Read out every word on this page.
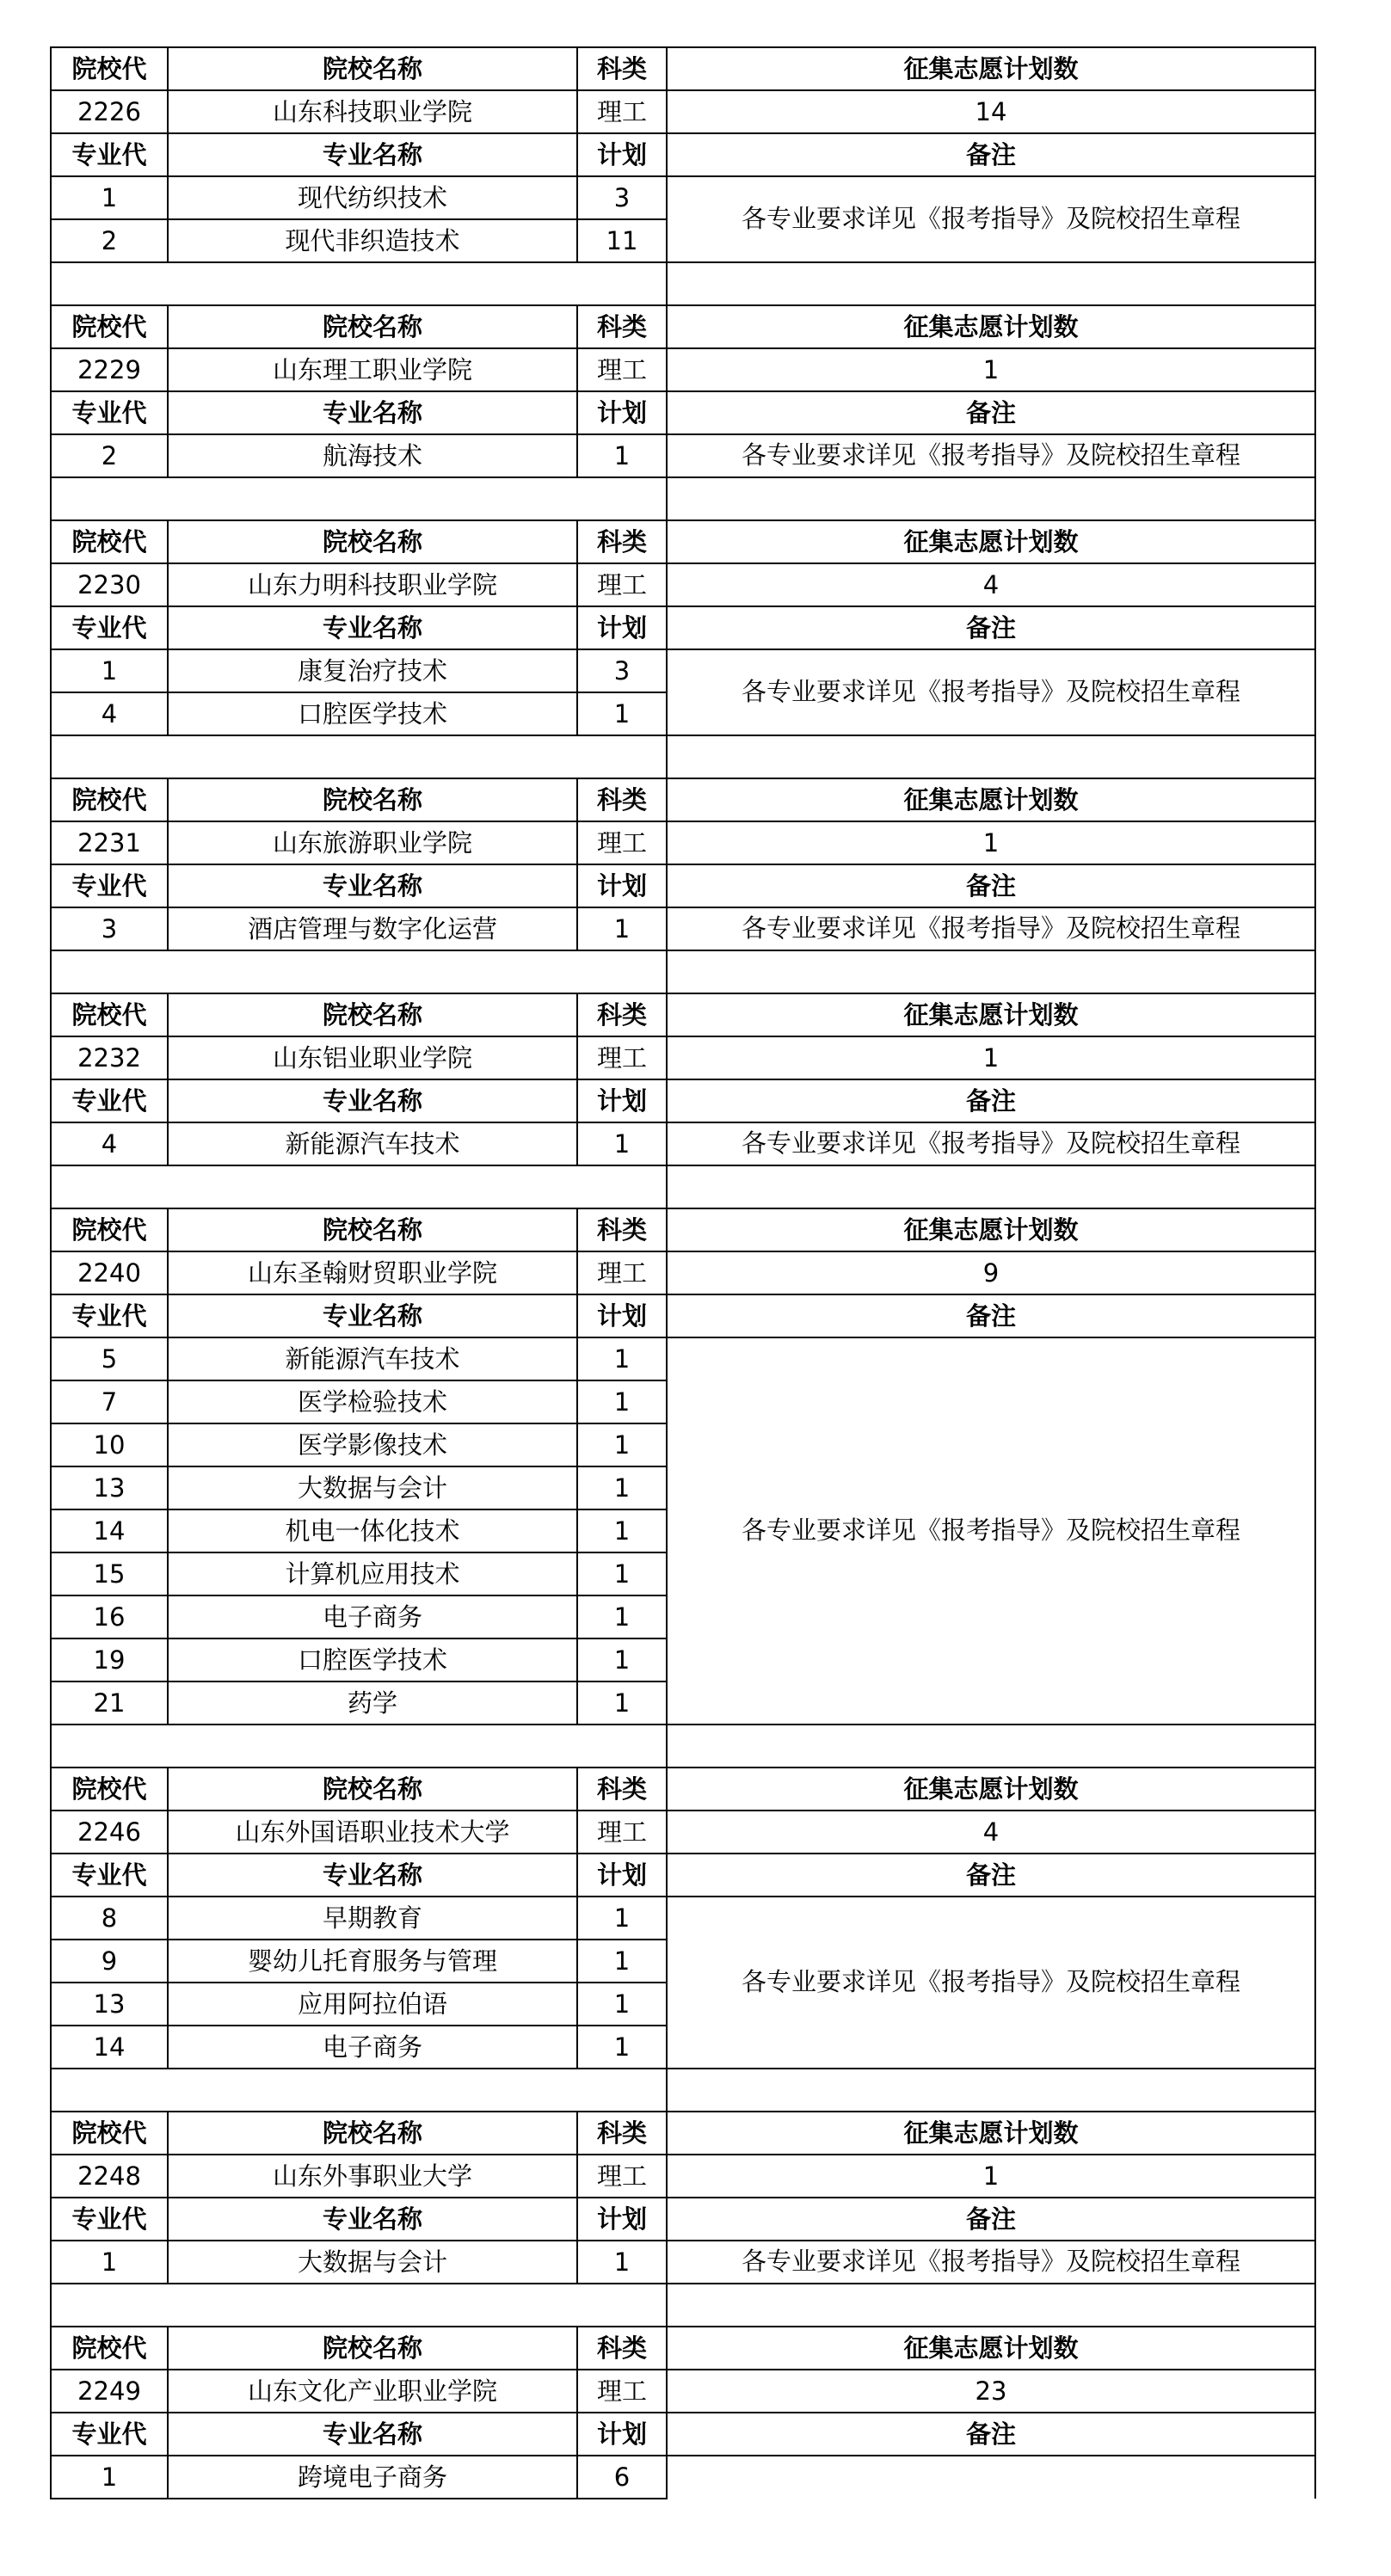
院校代	院校名称	科类	征集志愿计划数
2226	山东科技职业学院	理工	14
专业代	专业名称	计划	备注
1	现代纺织技术	3	各专业要求详见《报考指导》及院校招生章程
2	现代非织造技术	11	

院校代	院校名称	科类	征集志愿计划数
2229	山东理工职业学院	理工	1
专业代	专业名称	计划	备注
2	航海技术	1	各专业要求详见《报考指导》及院校招生章程

院校代	院校名称	科类	征集志愿计划数
2230	山东力明科技职业学院	理工	4
专业代	专业名称	计划	备注
1	康复治疗技术	3	各专业要求详见《报考指导》及院校招生章程
4	口腔医学技术	1	

院校代	院校名称	科类	征集志愿计划数
2231	山东旅游职业学院	理工	1
专业代	专业名称	计划	备注
3	酒店管理与数字化运营	1	各专业要求详见《报考指导》及院校招生章程

院校代	院校名称	科类	征集志愿计划数
2232	山东铝业职业学院	理工	1
专业代	专业名称	计划	备注
4	新能源汽车技术	1	各专业要求详见《报考指导》及院校招生章程

院校代	院校名称	科类	征集志愿计划数
2240	山东圣翰财贸职业学院	理工	9
专业代	专业名称	计划	备注
5	新能源汽车技术	1	各专业要求详见《报考指导》及院校招生章程
7	医学检验技术	1	
10	医学影像技术	1	
13	大数据与会计	1	
14	机电一体化技术	1	
15	计算机应用技术	1	
16	电子商务	1	
19	口腔医学技术	1	
21	药学	1	

院校代	院校名称	科类	征集志愿计划数
2246	山东外国语职业技术大学	理工	4
专业代	专业名称	计划	备注
8	早期教育	1	各专业要求详见《报考指导》及院校招生章程
9	婴幼儿托育服务与管理	1	
13	应用阿拉伯语	1	
14	电子商务	1	

院校代	院校名称	科类	征集志愿计划数
2248	山东外事职业大学	理工	1
专业代	专业名称	计划	备注
1	大数据与会计	1	各专业要求详见《报考指导》及院校招生章程

院校代	院校名称	科类	征集志愿计划数
2249	山东文化产业职业学院	理工	23
专业代	专业名称	计划	备注
1	跨境电子商务	6	
